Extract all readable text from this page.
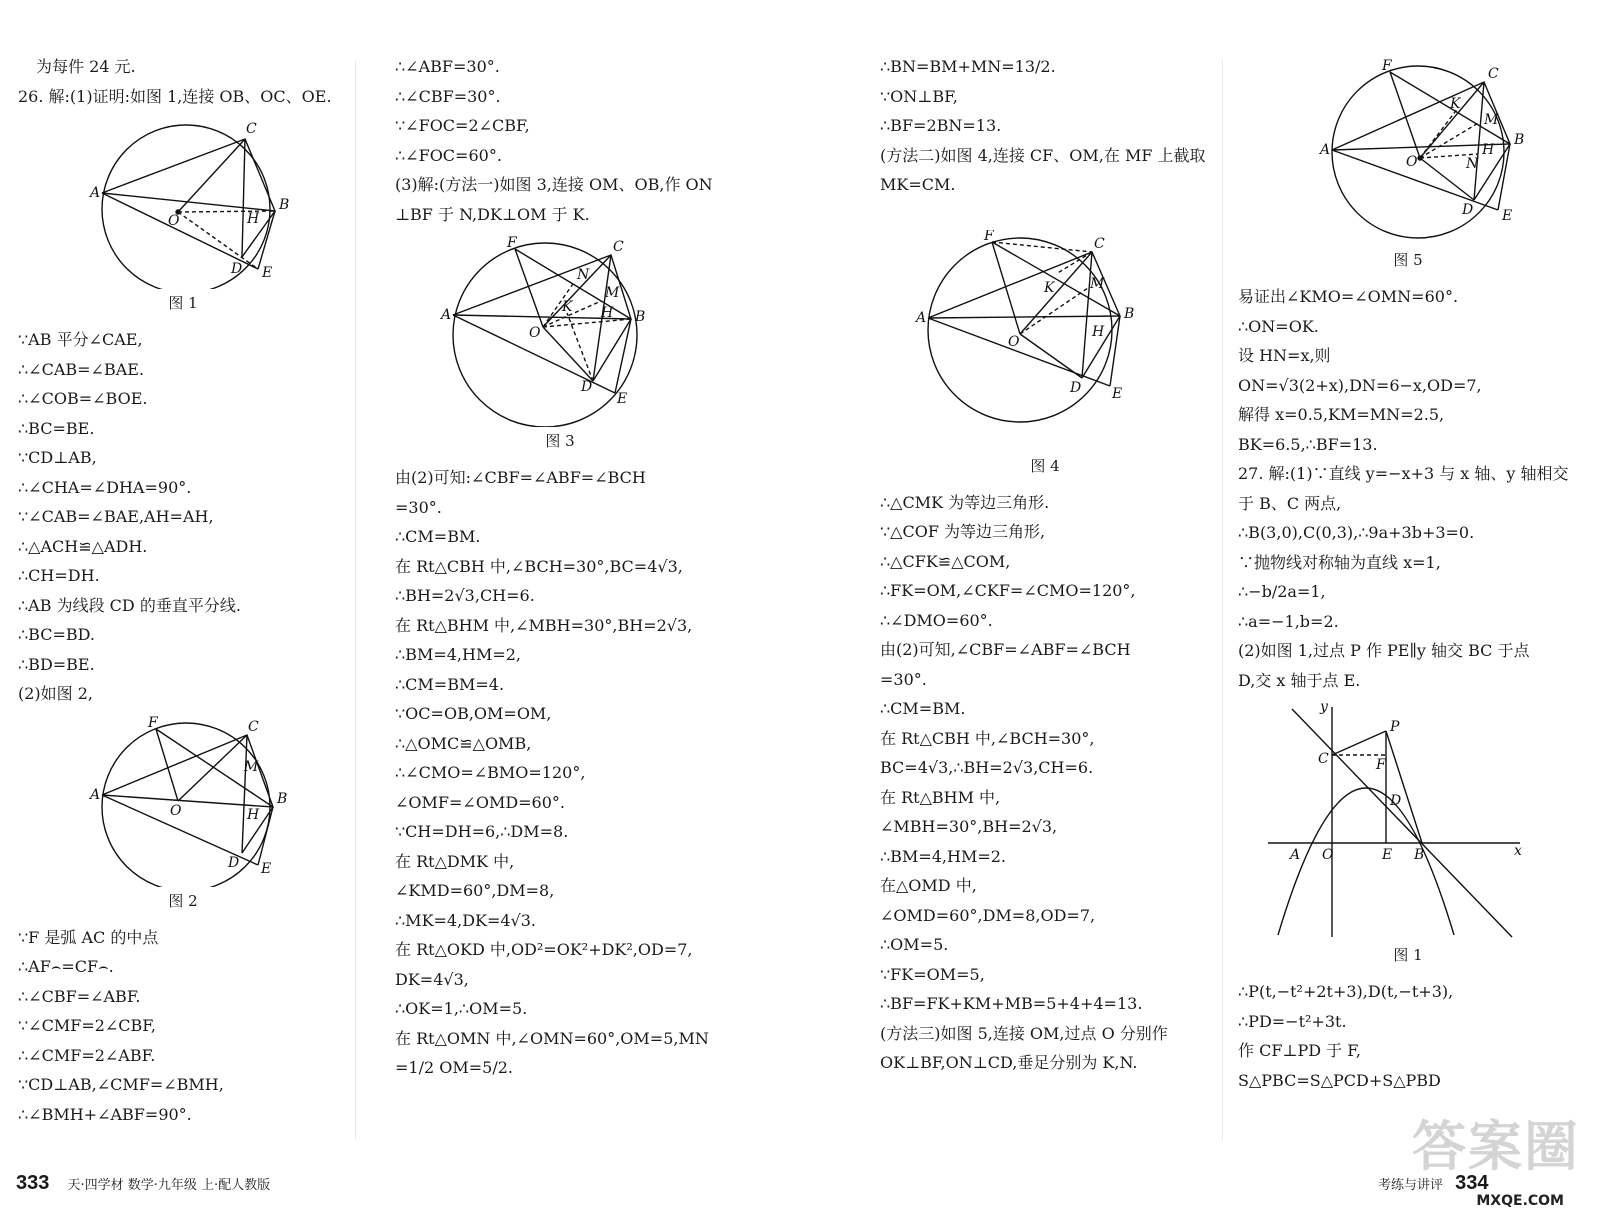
为每件 24 元.
26. 解:(1)证明:如图 1,连接 OB、OC、OE.
A
C
B
O	H
D E
图 1
∵AB 平分∠CAE,
∴∠CAB=∠BAE.
∴∠COB=∠BOE.
∴BC=BE.
∵CD⊥AB,
∴∠CHA=∠DHA=90°.
∵∠CAB=∠BAE,AH=AH,
∴△ACH≌△ADH.
∴CH=DH.
∴AB 为线段 CD 的垂直平分线.
∴BC=BD.
∴BD=BE.
(2)如图 2,
A
F	C
M
B
O	H
D E
图 2
∵F 是弧 AC 的中点
∴AF⌢=CF⌢.
∴∠CBF=∠ABF.
∵∠CMF=2∠CBF,
∴∠CMF=2∠ABF.
∵CD⊥AB,∠CMF=∠BMH,
∴∠BMH+∠ABF=90°.
∴∠ABF=30°.
∴∠CBF=30°.
∵∠FOC=2∠CBF,
∴∠FOC=60°.
(3)解:(方法一)如图 3,连接 OM、OB,作 ON
⊥BF 于 N,DK⊥OM 于 K.
A
F	C
N
M
K H B
O
D
E
图 3
由(2)可知:∠CBF=∠ABF=∠BCH
=30°.
∴CM=BM.
在 Rt△CBH 中,∠BCH=30°,BC=4√3,
∴BH=2√3,CH=6.
在 Rt△BHM 中,∠MBH=30°,BH=2√3,
∴BM=4,HM=2,
∴CM=BM=4.
∵OC=OB,OM=OM,
∴△OMC≌△OMB,
∴∠CMO=∠BMO=120°,
∠OMF=∠OMD=60°.
∵CH=DH=6,∴DM=8.
在 Rt△DMK 中,
∠KMD=60°,DM=8,
∴MK=4,DK=4√3.
在 Rt△OKD 中,OD²=OK²+DK²,OD=7,
DK=4√3,
∴OK=1,∴OM=5.
在 Rt△OMN 中,∠OMN=60°,OM=5,MN
=1/2 OM=5/2.
∴BN=BM+MN=13/2.
∵ON⊥BF,
∴BF=2BN=13.
(方法二)如图 4,连接 CF、OM,在 MF 上截取
MK=CM.
A
F	C
K	M
B
H
O
D E
图 4
∴△CMK 为等边三角形.
∵△COF 为等边三角形,
∴△CFK≌△COM,
∴FK=OM,∠CKF=∠CMO=120°,
∴∠DMO=60°.
由(2)可知,∠CBF=∠ABF=∠BCH
=30°.
∴CM=BM.
在 Rt△CBH 中,∠BCH=30°,
BC=4√3,∴BH=2√3,CH=6.
在 Rt△BHM 中,
∠MBH=30°,BH=2√3,
∴BM=4,HM=2.
在△OMD 中,
∠OMD=60°,DM=8,OD=7,
∴OM=5.
∵FK=OM=5,
∴BF=FK+KM+MB=5+4+4=13.
(方法三)如图 5,连接 OM,过点 O 分别作
OK⊥BF,ON⊥CD,垂足分别为 K,N.
A
F	C
K
M
B
H
N
O
D E
图 5
易证出∠KMO=∠OMN=60°.
∴ON=OK.
设 HN=x,则
ON=√3(2+x),DN=6−x,OD=7,
解得 x=0.5,KM=MN=2.5,
BK=6.5,∴BF=13.
27. 解:(1)∵直线 y=−x+3 与 x 轴、y 轴相交
于 B、C 两点,
∴B(3,0),C(0,3),∴9a+3b+3=0.
∵抛物线对称轴为直线 x=1,
∴−b/2a=1,
∴a=−1,b=2.
(2)如图 1,过点 P 作 PE∥y 轴交 BC 于点
D,交 x 轴于点 E.
y
x
P
C	F
D
A O	E B
图 1
∴P(t,−t²+2t+3),D(t,−t+3),
∴PD=−t²+3t.
作 CF⊥PD 于 F,
S△PBC=S△PCD+S△PBD
333 天·四学材 数学·九年级 上·配人教版	考练与讲评 334
答案圈
MXQE.COM
